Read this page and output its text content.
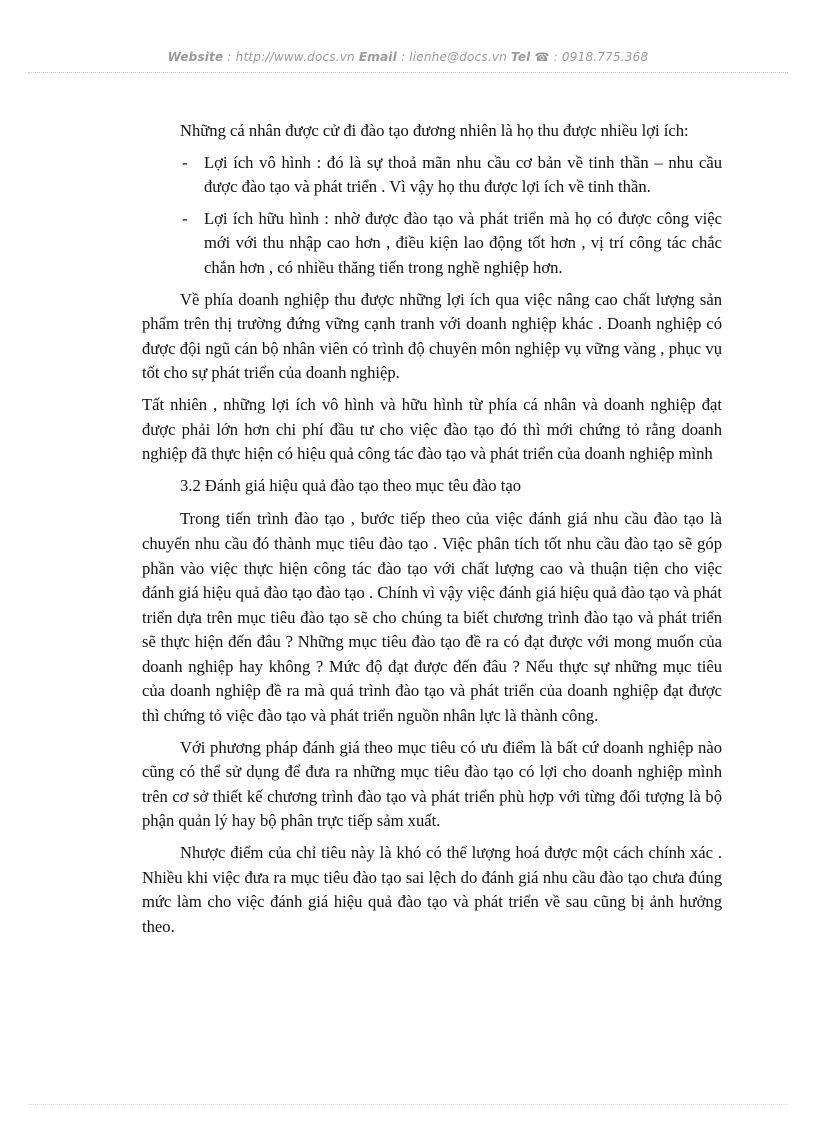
Website : http://www.docs.vn Email : lienhe@docs.vn Tel ☎ : 0918.775.368

Những cá nhân được cử đi đào tạo đương nhiên là họ thu được nhiều lợi ích:

- Lợi ích vô hình : đó là sự thoả mãn nhu cầu cơ bản về tinh thần – nhu cầu được đào tạo và phát triển . Vì vậy họ thu được lợi ích về tinh thần.
- Lợi ích hữu hình : nhờ được đào tạo và phát triển mà họ có được công việc mới với thu nhập cao hơn , điều kiện lao động tốt hơn , vị trí công tác chắc chắn hơn , có nhiều thăng tiến trong nghề nghiệp hơn.

Về phía doanh nghiệp thu được những lợi ích qua việc nâng cao chất lượng sản phẩm trên thị trường đứng vững cạnh tranh với doanh nghiệp khác . Doanh nghiệp có được đội ngũ cán bộ nhân viên có trình độ chuyên môn nghiệp vụ vững vàng , phục vụ tốt cho sự phát triển của doanh nghiệp.

Tất nhiên , những lợi ích vô hình và hữu hình từ phía cá nhân và doanh nghiệp đạt được phải lớn hơn chi phí đầu tư cho việc đào tạo đó thì mới chứng tỏ rằng doanh nghiệp đã thực hiện có hiệu quả công tác đào tạo và phát triển của doanh nghiệp mình

3.2 Đánh giá hiệu quả đào tạo theo mục têu đào tạo

Trong tiến trình đào tạo , bước tiếp theo của việc đánh giá nhu cầu đào tạo là chuyển nhu cầu đó thành mục tiêu đào tạo . Việc phân tích tốt nhu cầu đào tạo sẽ góp phần vào việc thực hiện công tác đào tạo với chất lượng cao và thuận tiện cho việc đánh giá hiệu quả đào tạo đào tạo . Chính vì vậy việc đánh giá hiệu quả đào tạo và phát triển dựa trên mục tiêu đào tạo sẽ cho chúng ta biết chương trình đào tạo và phát triển sẽ thực hiện đến đâu ? Những mục tiêu đào tạo đề ra có đạt được với mong muốn của doanh nghiệp hay không ? Mức độ đạt được đến đâu ? Nếu thực sự những mục tiêu của doanh nghiệp đề ra mà quá trình đào tạo và phát triển của doanh nghiệp đạt được thì chứng tỏ việc đào tạo và phát triển nguồn nhân lực là thành công.

Với phương pháp đánh giá theo mục tiêu có ưu điểm là bất cứ doanh nghiệp nào cũng có thể sử dụng để đưa ra những mục tiêu đào tạo có lợi cho doanh nghiệp mình trên cơ sở thiết kế chương trình đào tạo và phát triển phù hợp với từng đối tượng là bộ phận quản lý hay bộ phân trực tiếp sảm xuất.

Nhược điểm của chỉ tiêu này là khó có thể lượng hoá được một cách chính xác . Nhiều khi việc đưa ra mục tiêu đào tạo sai lệch do đánh giá nhu cầu đào tạo chưa đúng mức làm cho việc đánh giá hiệu quả đào tạo và phát triển về sau cũng bị ảnh hưởng theo.
